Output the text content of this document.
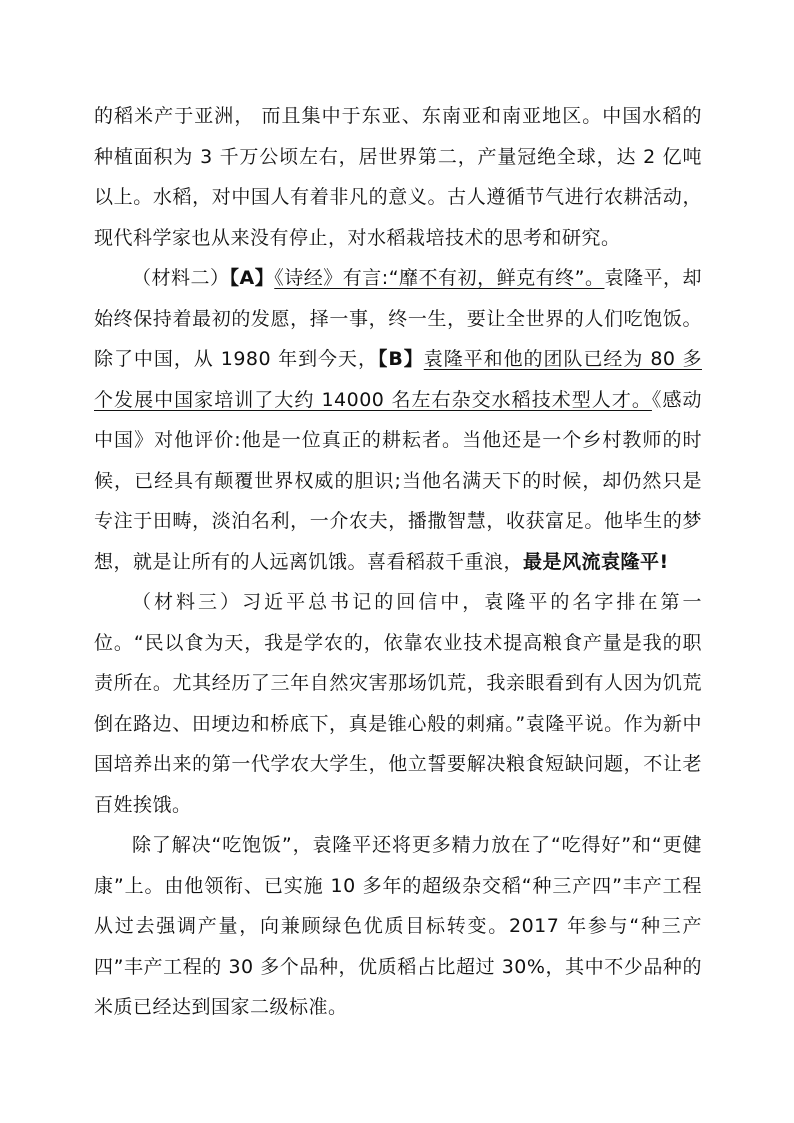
的稻米产于亚洲， 而且集中于东亚、东南亚和南亚地区。中国水稻的种植面积为 3 千万公顷左右，居世界第二，产量冠绝全球，达 2 亿吨以上。水稻，对中国人有着非凡的意义。古人遵循节气进行农耕活动，现代科学家也从来没有停止，对水稻栽培技术的思考和研究。

（材料二）【A】《诗经》有言:“靡不有初，鲜克有终”。袁隆平，却始终保持着最初的发愿，择一事，终一生，要让全世界的人们吃饱饭。除了中国，从 1980 年到今天，【B】袁隆平和他的团队已经为 80 多个发展中国家培训了大约 14000 名左右杂交水稻技术型人才。《感动中国》对他评价:他是一位真正的耕耘者。当他还是一个乡村教师的时候，已经具有颠覆世界权威的胆识;当他名满天下的时候，却仍然只是专注于田畴，淡泊名利，一介农夫，播撒智慧，收获富足。他毕生的梦想，就是让所有的人远离饥饿。喜看稻菽千重浪，最是风流袁隆平!

（材料三）习近平总书记的回信中，袁隆平的名字排在第一位。“民以食为天，我是学农的，依靠农业技术提高粮食产量是我的职责所在。尤其经历了三年自然灾害那场饥荒，我亲眼看到有人因为饥荒倒在路边、田埂边和桥底下，真是锥心般的刺痛。”袁隆平说。作为新中国培养出来的第一代学农大学生，他立誓要解决粮食短缺问题，不让老百姓挨饿。

除了解决“吃饱饭”，袁隆平还将更多精力放在了“吃得好”和“更健康”上。由他领衔、已实施 10 多年的超级杂交稻“种三产四”丰产工程从过去强调产量，向兼顾绿色优质目标转变。2017 年参与“种三产四”丰产工程的 30 多个品种，优质稻占比超过 30%，其中不少品种的米质已经达到国家二级标准。
